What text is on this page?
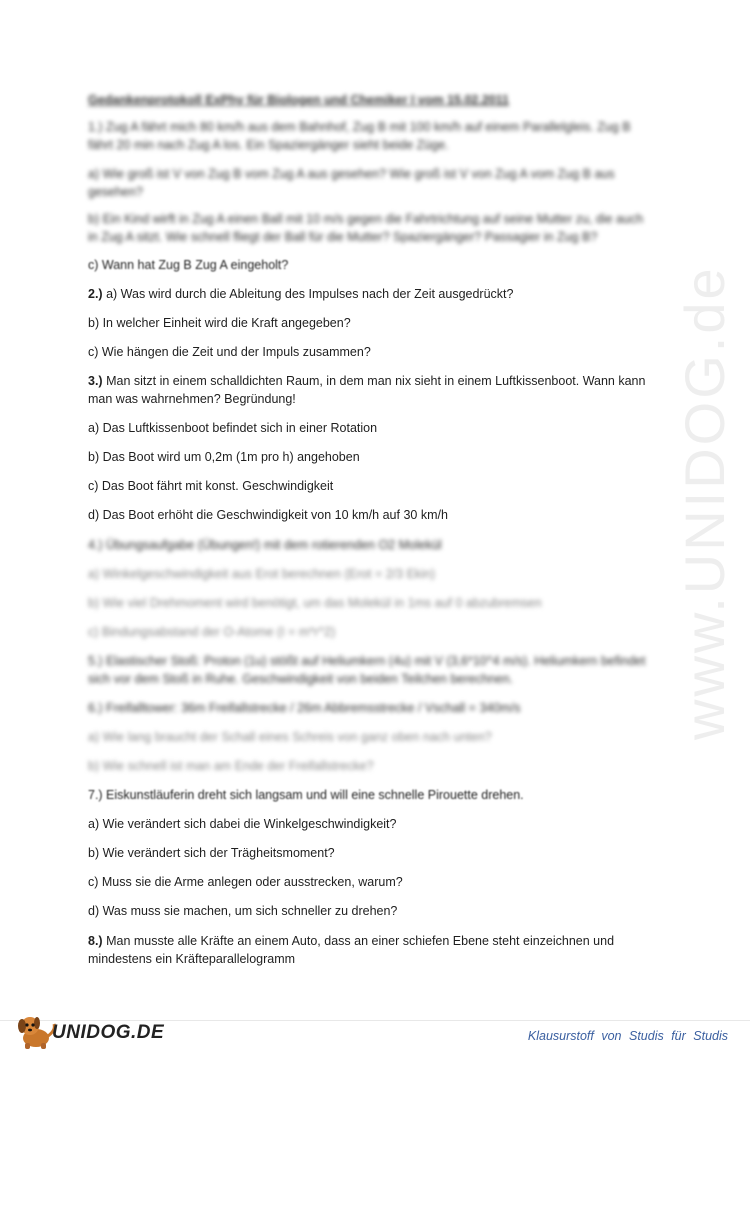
www.UNIDOG.de
Gedankenprotokoll ExPhy für Biologen und Chemiker I vom 15.02.2011
1.) Zug A fährt mich 80 km/h aus dem Bahnhof, Zug B mit 100 km/h auf einem Parallelgleis. Zug B
fährt 20 min nach Zug A los. Ein Spaziergänger sieht beide Züge.
a) Wie groß ist V von Zug B vom Zug A aus gesehen? Wie groß ist V von Zug A vom Zug B aus
gesehen?
b) Ein Kind wirft in Zug A einen Ball mit 10 m/s gegen die Fahrtrichtung auf seine Mutter zu, die auch
in Zug A sitzt. Wie schnell fliegt der Ball für die Mutter? Spaziergänger? Passagier in Zug B?
c) Wann hat Zug B Zug A eingeholt?
2.) a) Was wird durch die Ableitung des Impulses nach der Zeit ausgedrückt?
b) In welcher Einheit wird die Kraft angegeben?
c) Wie hängen die Zeit und der Impuls zusammen?
3.) Man sitzt in einem schalldichten Raum, in dem man nix sieht in einem Luftkissenboot. Wann kann
man was wahrnehmen? Begründung!
a) Das Luftkissenboot befindet sich in einer Rotation
b) Das Boot wird um 0,2m (1m pro h) angehoben
c) Das Boot fährt mit konst. Geschwindigkeit
d) Das Boot erhöht die Geschwindigkeit von 10 km/h auf 30 km/h
4.) Übungsaufgabe (Übungen!) mit dem rotierenden O2 Molekül
a) Winkelgeschwindigkeit aus Erot berechnen (Erot = 2/3 Ekin)
b) Wie viel Drehmoment wird benötigt, um das Molekül in 1ms auf 0 abzubremsen
c) Bindungsabstand der O-Atome (I = m*r^2)
5.) Elastischer Stoß: Proton (1u) stößt auf Heliumkern (4u) mit V (3,6*10^4 m/s). Heliumkern befindet
sich vor dem Stoß in Ruhe. Geschwindigkeit von beiden Teilchen berechnen.
6.) Freifalltower: 36m Freifallstrecke / 26m Abbremsstrecke / Vschall = 340m/s
a) Wie lang braucht der Schall eines Schreis von ganz oben nach unten?
b) Wie schnell ist man am Ende der Freifallstrecke?
7.) Eiskunstläuferin dreht sich langsam und will eine schnelle Pirouette drehen.
a) Wie verändert sich dabei die Winkelgeschwindigkeit?
b) Wie verändert sich der Trägheitsmoment?
c) Muss sie die Arme anlegen oder ausstrecken, warum?
d) Was muss sie machen, um sich schneller zu drehen?
8.) Man musste alle Kräfte an einem Auto, dass an einer schiefen Ebene steht einzeichnen und
mindestens ein Kräfteparallelogramm
UNIDOG.DE	Klausurstoff von Studis für Studis
